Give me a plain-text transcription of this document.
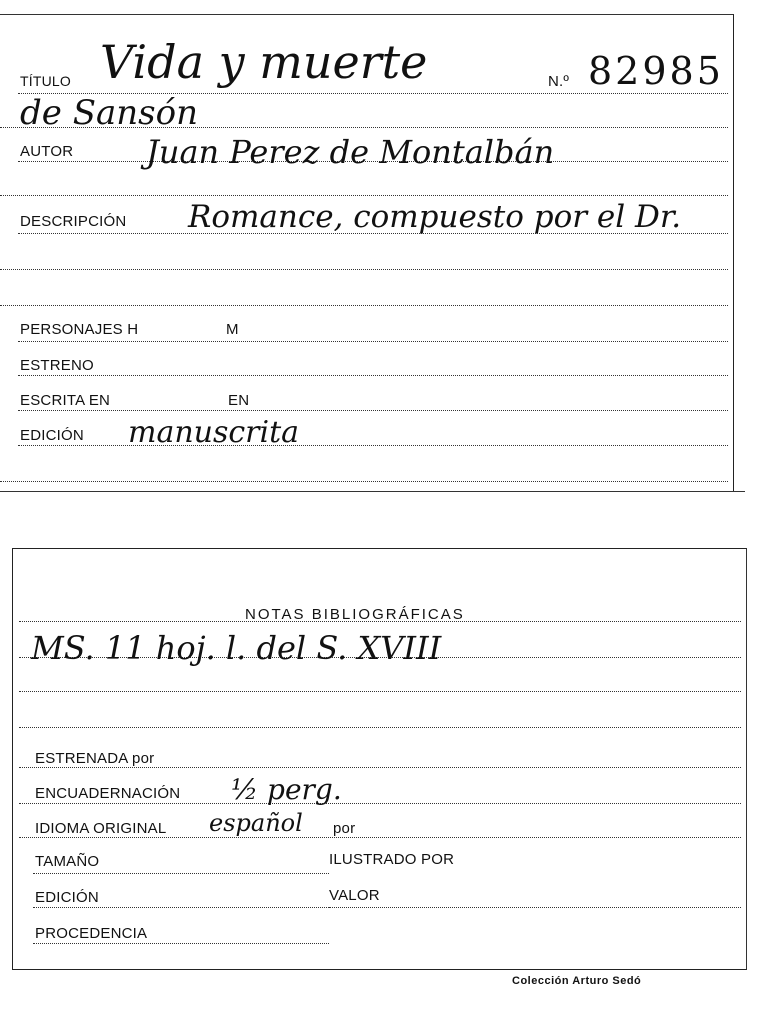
TÍTULO Vida y muerte	N.º 82985
de Sansón
AUTOR Juan Perez de Montalbán
DESCRIPCIÓN Romance, compuesto por el Dr.
PERSONAJES H	M
ESTRENO
ESCRITA EN	EN
EDICIÓN manuscrita
NOTAS BIBLIOGRÁFICAS
MS. 11 hoj. l. del S. XVIII
ESTRENADA por
ENCUADERNACIÓN ½ perg.
IDIOMA ORIGINAL español por
TAMAÑO	ILUSTRADO POR
EDICIÓN	VALOR
PROCEDENCIA
Colección Arturo Sedó
